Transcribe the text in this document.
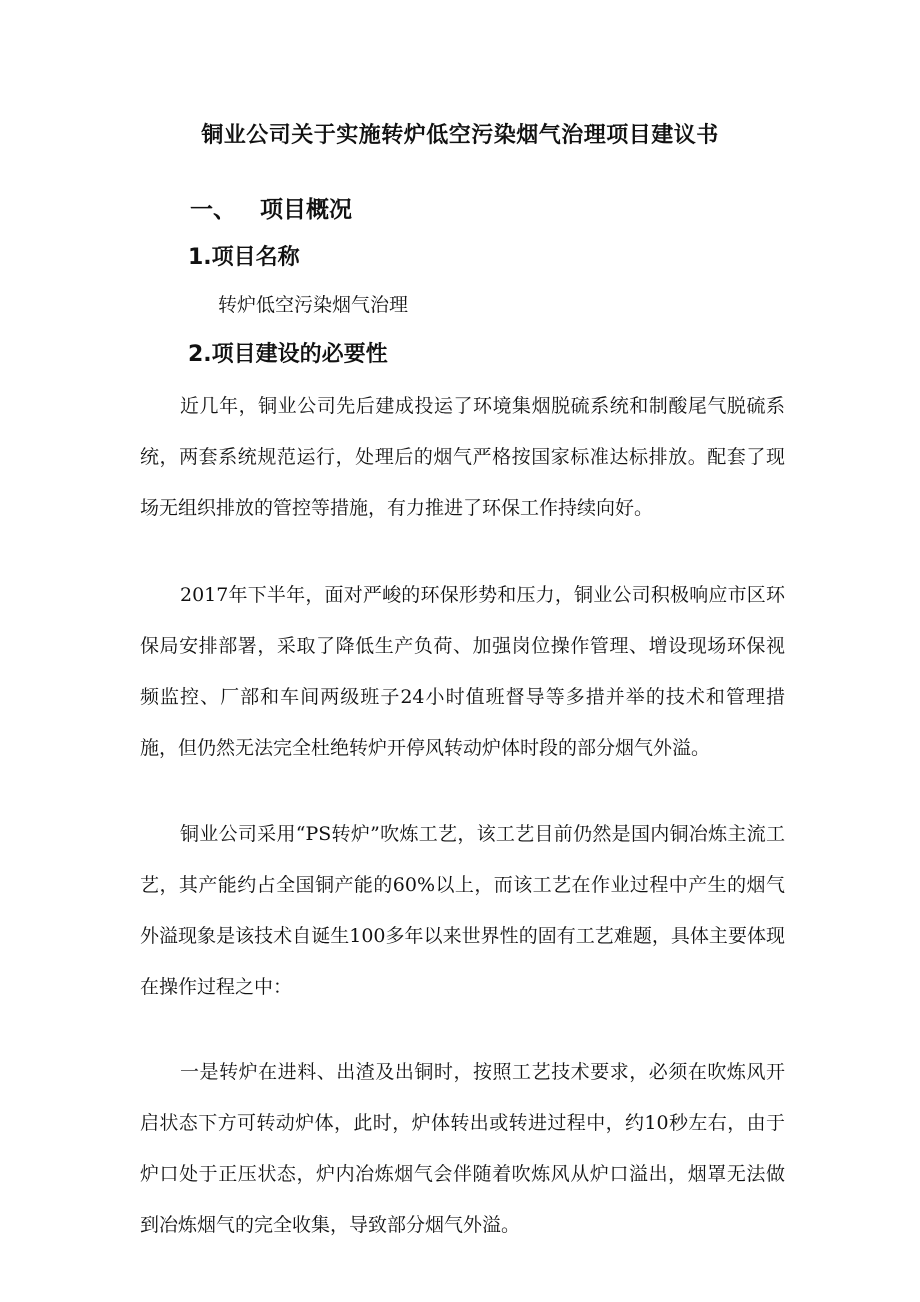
铜业公司关于实施转炉低空污染烟气治理项目建议书
一、 项目概况
1.项目名称
转炉低空污染烟气治理
2.项目建设的必要性

近几年，铜业公司先后建成投运了环境集烟脱硫系统和制酸尾气脱硫系统，两套系统规范运行，处理后的烟气严格按国家标准达标排放。配套了现场无组织排放的管控等措施，有力推进了环保工作持续向好。

2017年下半年，面对严峻的环保形势和压力，铜业公司积极响应市区环保局安排部署，采取了降低生产负荷、加强岗位操作管理、增设现场环保视频监控、厂部和车间两级班子24小时值班督导等多措并举的技术和管理措施，但仍然无法完全杜绝转炉开停风转动炉体时段的部分烟气外溢。

铜业公司采用“PS转炉”吹炼工艺，该工艺目前仍然是国内铜冶炼主流工艺，其产能约占全国铜产能的60%以上，而该工艺在作业过程中产生的烟气外溢现象是该技术自诞生100多年以来世界性的固有工艺难题，具体主要体现在操作过程之中：

一是转炉在进料、出渣及出铜时，按照工艺技术要求，必须在吹炼风开启状态下方可转动炉体，此时，炉体转出或转进过程中，约10秒左右，由于炉口处于正压状态，炉内冶炼烟气会伴随着吹炼风从炉口溢出，烟罩无法做到冶炼烟气的完全收集，导致部分烟气外溢。
